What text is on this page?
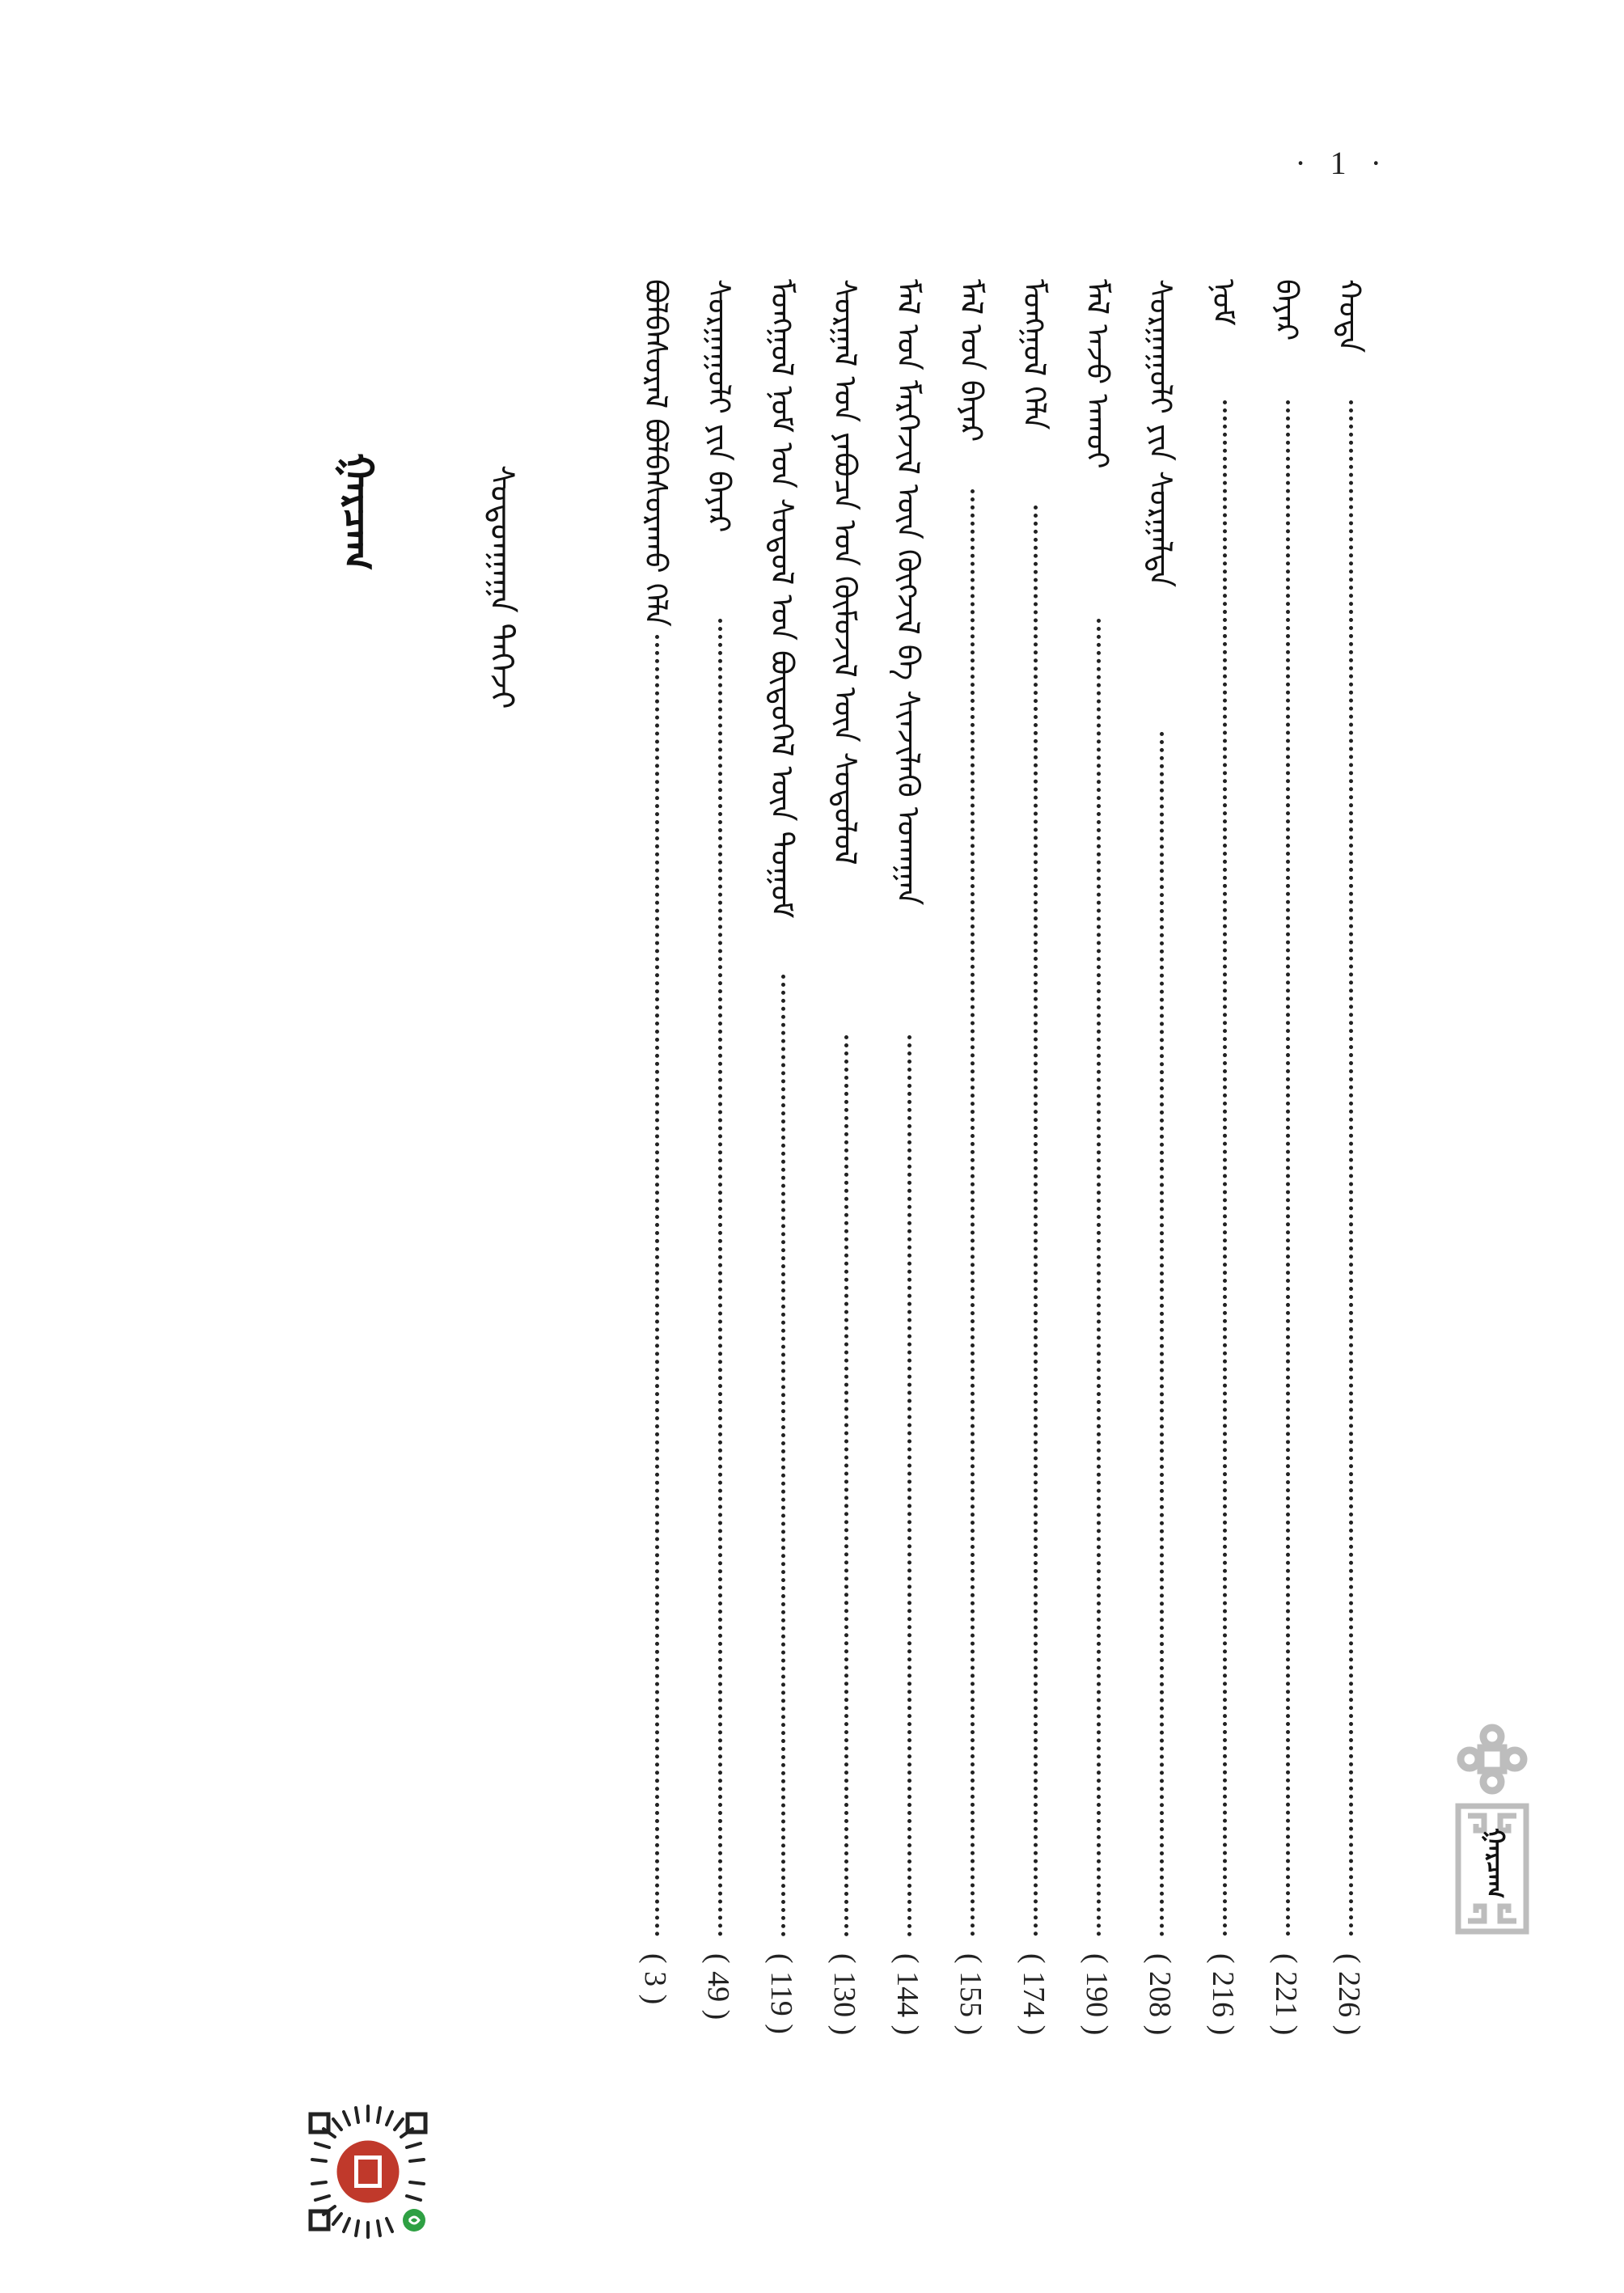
· 1 ·
ᠭᠠᠷᠴᠠᠭ	ᠰᠣᠳᠤᠨᠭᠠᠭᠠ ᠳᠡᠭᠡᠵᠢ
ᠬᠣᠲᠠ
( 226 )
ᠪᠠᠶᠠᠷ
( 221 )
ᠨᠣᠮ
( 216 )
ᠰᠤᠷᠭᠠᠭᠤᠯᠢ ᠶᠢᠨ ᠰᠤᠷᠭᠠᠯᠲᠠ
( 208 )
ᠮᠠᠯ ᠠᠵᠤ ᠠᠬᠤᠢ
( 190 )
ᠮᠣᠩᠭᠣᠯ ᠬᠡᠯᠡ
( 174 )
ᠮᠠᠯ ᠤᠨ ᠪᠠᠶᠠᠷ
( 155 )
ᠮᠠᠯ ᠤᠨ ᠮᠡᠷᠭᠡᠵᠢᠯ ᠦᠨ ᠬᠥᠭᠵᠢᠯ ᠪᠠ ᠰᠢᠨᠵᠢᠯᠡᠬᠦ ᠤᠬᠠᠭᠠᠨ
( 144 )
ᠰᠤᠷᠭᠠᠯ ᠤᠨ ᠶᠠᠪᠤᠴᠠ ᠤᠨ ᠬᠦᠮᠦᠵᠢᠯ ᠦᠨ ᠰᠤᠳᠤᠯᠤᠯ
( 130 )
ᠮᠣᠩᠭᠣᠯ ᠨᠣᠮ ᠤᠨ ᠰᠤᠳᠤᠯ ᠤᠨ ᠪᠦᠲᠦᠭᠡᠯ ᠦᠨ ᠲᠣᠭᠤᠮ
( 119 )
ᠰᠤᠷᠭᠠᠭᠤᠯᠢ ᠶᠢᠨ ᠪᠠᠶᠠᠷ
( 49 )
ᠪᠣᠯᠪᠠᠰᠤᠷᠠᠯ ᠪᠣᠯᠪᠠᠰᠤᠷᠠᠬᠤ ᠬᠡᠯᠡ
( 3 )
ᠭᠠᠷᠴᠠᠭ
